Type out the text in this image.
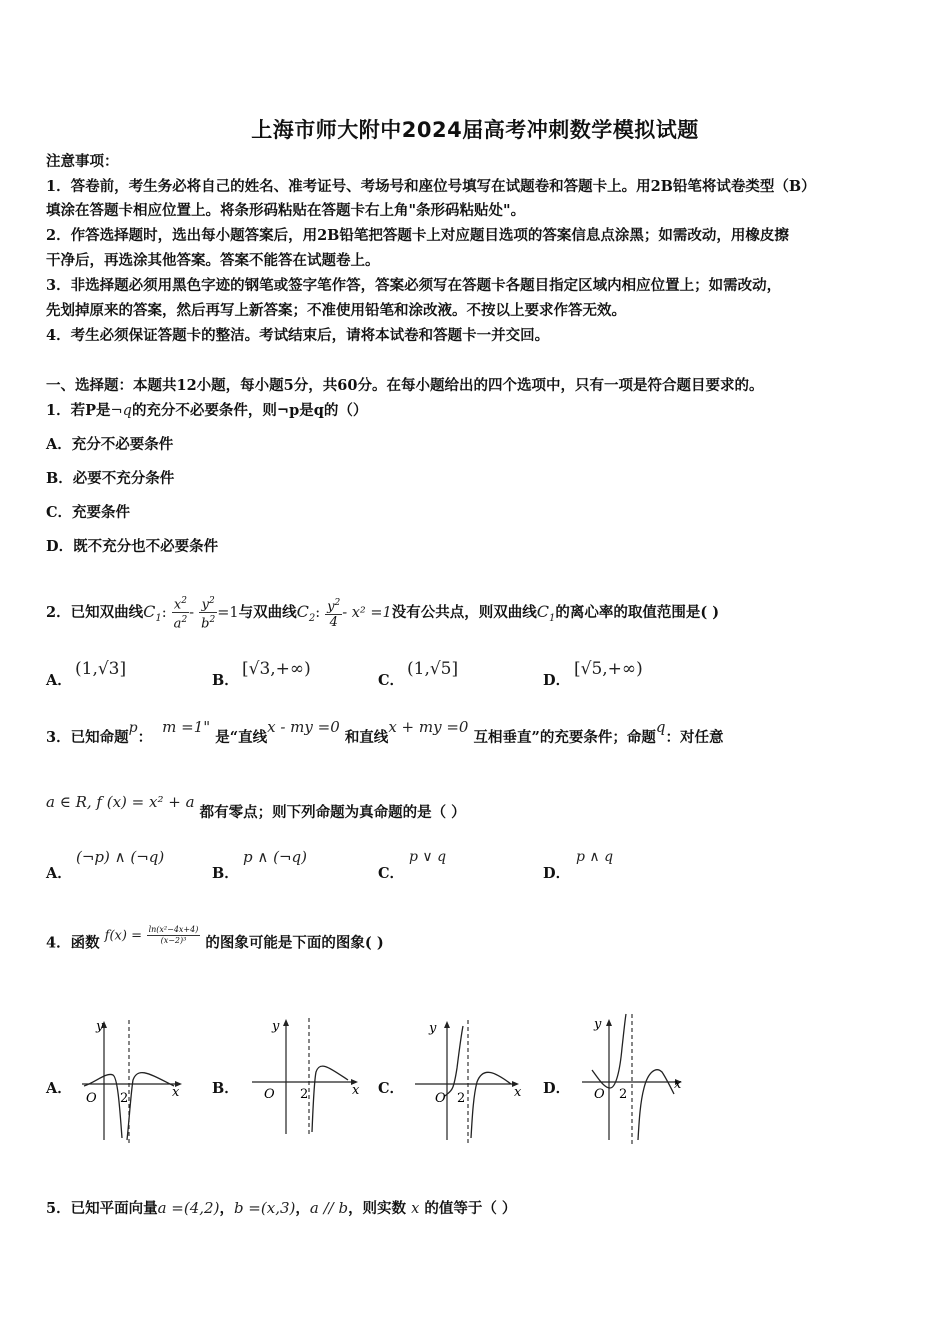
上海市师大附中2024届高考冲刺数学模拟试题
注意事项：
1．答卷前，考生务必将自己的姓名、准考证号、考场号和座位号填写在试题卷和答题卡上。用2B铅笔将试卷类型（B）
填涂在答题卡相应位置上。将条形码粘贴在答题卡右上角"条形码粘贴处"。
2．作答选择题时，选出每小题答案后，用2B铅笔把答题卡上对应题目选项的答案信息点涂黑；如需改动，用橡皮擦
干净后，再选涂其他答案。答案不能答在试题卷上。
3．非选择题必须用黑色字迹的钢笔或签字笔作答，答案必须写在答题卡各题目指定区域内相应位置上；如需改动，
先划掉原来的答案，然后再写上新答案；不准使用铅笔和涂改液。不按以上要求作答无效。
4．考生必须保证答题卡的整洁。考试结束后，请将本试卷和答题卡一并交回。
一、选择题：本题共12小题，每小题5分，共60分。在每小题给出的四个选项中，只有一项是符合题目要求的。
1．若P是¬q的充分不必要条件，则¬p是q的（）
A．充分不必要条件
B．必要不充分条件
C．充要条件
D．既不充分也不必要条件
2．已知双曲线$C_1$: $\frac{x^2}{a^2} - \frac{y^2}{b^2} =1$与双曲线$C_2$: $\frac{y^2}{4} - x^2 =1$没有公共点，则双曲线$C_1$的离心率的取值范围是( )
A．
(1,√3]
B．
[√3,+∞)
C．
(1,√5]
D．
[√5,+∞)
3．已知命题p：  m =1" 是“直线x - my =0 和直线x + my =0 互相垂直”的充要条件；命题q：对任意
a ∈ R, f (x) = x² + a 都有零点；则下列命题为真命题的是（ ）
A．
(¬p) ∧ (¬q)
B．
p ∧ (¬q)
C．
p ∨ q
D．
p ∧ q
4．函数 $f(x) = \frac{\text{ln(x²−4x+4)}}{\text{(x−2)³}}$ 的图象可能是下面的图象( )
A．	B．	C．	D．
y
x
O 2
y
x
O 2
y
x
O 2
y
x
O 2
5．已知平面向量a =(4,2)，b =(x,3)，a // b，则实数 x 的值等于（ ）
